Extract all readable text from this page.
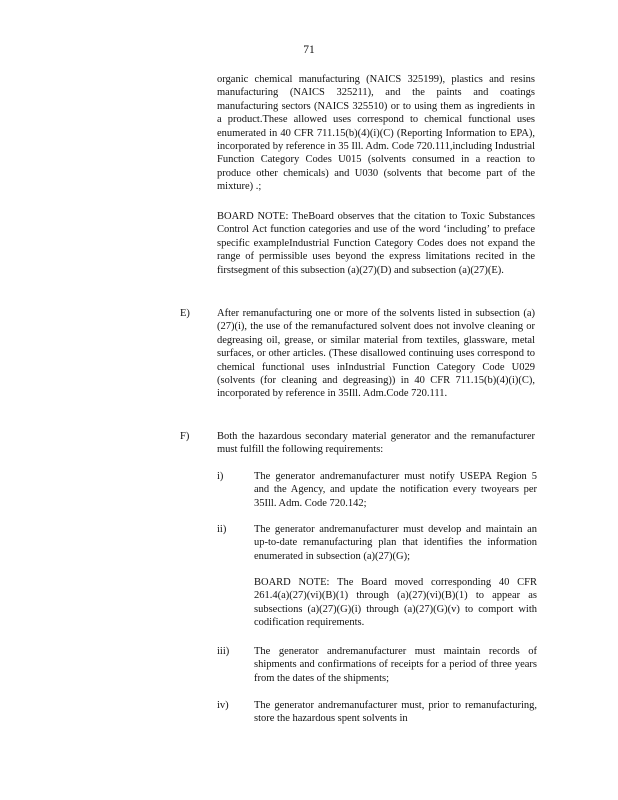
71
organic chemical manufacturing (NAICS 325199), plastics and resins manufacturing (NAICS 325211), and the paints and coatings manufacturing sectors (NAICS 325510) or to using them as ingredients in a product.These allowed uses correspond to chemical functional uses enumerated in 40 CFR 711.15(b)(4)(i)(C) (Reporting Information to EPA), incorporated by reference in 35 Ill. Adm. Code 720.111,including Industrial Function Category Codes U015 (solvents consumed in a reaction to produce other chemicals) and U030 (solvents that become part of the mixture) .;
BOARD NOTE: TheBoard observes that the citation to Toxic Substances Control Act function categories and use of the word ‘including’ to preface specific exampleIndustrial Function Category Codes does not expand the range of permissible uses beyond the express limitations recited in the firstsegment of this subsection (a)(27)(D) and subsection (a)(27)(E).
E)	After remanufacturing one or more of the solvents listed in subsection (a)(27)(i), the use of the remanufactured solvent does not involve cleaning or degreasing oil, grease, or similar material from textiles, glassware, metal surfaces, or other articles. (These disallowed continuing uses correspond to chemical functional uses inIndustrial Function Category Code U029 (solvents (for cleaning and degreasing)) in 40 CFR 711.15(b)(4)(i)(C), incorporated by reference in 35Ill. Adm.Code 720.111.
F)	Both the hazardous secondary material generator and the remanufacturer must fulfill the following requirements:
i)	The generator andremanufacturer must notify USEPA Region 5 and the Agency, and update the notification every twoyears per 35Ill. Adm. Code 720.142;
ii)	The generator andremanufacturer must develop and maintain an up-to-date remanufacturing plan that identifies the information enumerated in subsection (a)(27)(G);
BOARD NOTE: The Board moved corresponding 40 CFR 261.4(a)(27)(vi)(B)(1) through (a)(27)(vi)(B)(1) to appear as subsections (a)(27)(G)(i) through (a)(27)(G)(v) to comport with codification requirements.
iii) The generator andremanufacturer must maintain records of shipments and confirmations of receipts for a period of three years from the dates of the shipments;
iv) The generator andremanufacturer must, prior to remanufacturing, store the hazardous spent solvents in
